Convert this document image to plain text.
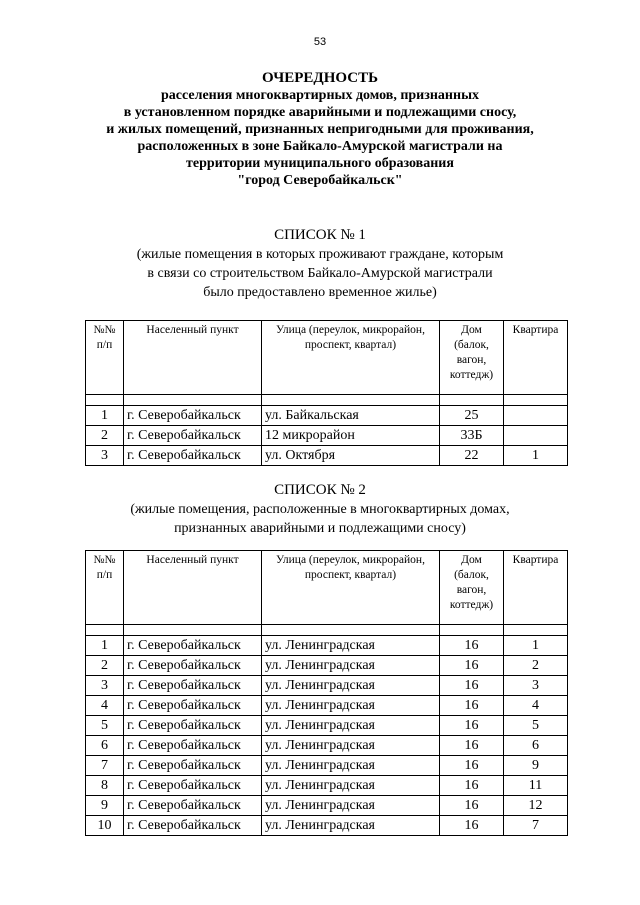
53
ОЧЕРЕДНОСТЬ
расселения многоквартирных домов, признанных
в установленном порядке аварийными и подлежащими сносу,
и жилых помещений, признанных непригодными для проживания,
расположенных в зоне Байкало-Амурской магистрали на
территории муниципального образования
"город Северобайкальск"
СПИСОК № 1
(жилые помещения в которых проживают граждане, которым
в связи со строительством Байкало-Амурской магистрали
было предоставлено временное жилье)
№№ п/п	Населенный пункт	Улица (переулок, микрорайон, проспект, квартал)	Дом (балок, вагон, коттедж)	Квартира

1	г. Северобайкальск	ул. Байкальская	25	
2	г. Северобайкальск	12 микрорайон	33Б	
3	г. Северобайкальск	ул. Октября	22	1
СПИСОК № 2
(жилые помещения, расположенные в многоквартирных домах,
признанных аварийными и подлежащими сносу)
№№ п/п	Населенный пункт	Улица (переулок, микрорайон, проспект, квартал)	Дом (балок, вагон, коттедж)	Квартира

1	г. Северобайкальск	ул. Ленинградская	16	1
2	г. Северобайкальск	ул. Ленинградская	16	2
3	г. Северобайкальск	ул. Ленинградская	16	3
4	г. Северобайкальск	ул. Ленинградская	16	4
5	г. Северобайкальск	ул. Ленинградская	16	5
6	г. Северобайкальск	ул. Ленинградская	16	6
7	г. Северобайкальск	ул. Ленинградская	16	9
8	г. Северобайкальск	ул. Ленинградская	16	11
9	г. Северобайкальск	ул. Ленинградская	16	12
10	г. Северобайкальск	ул. Ленинградская	16	7
